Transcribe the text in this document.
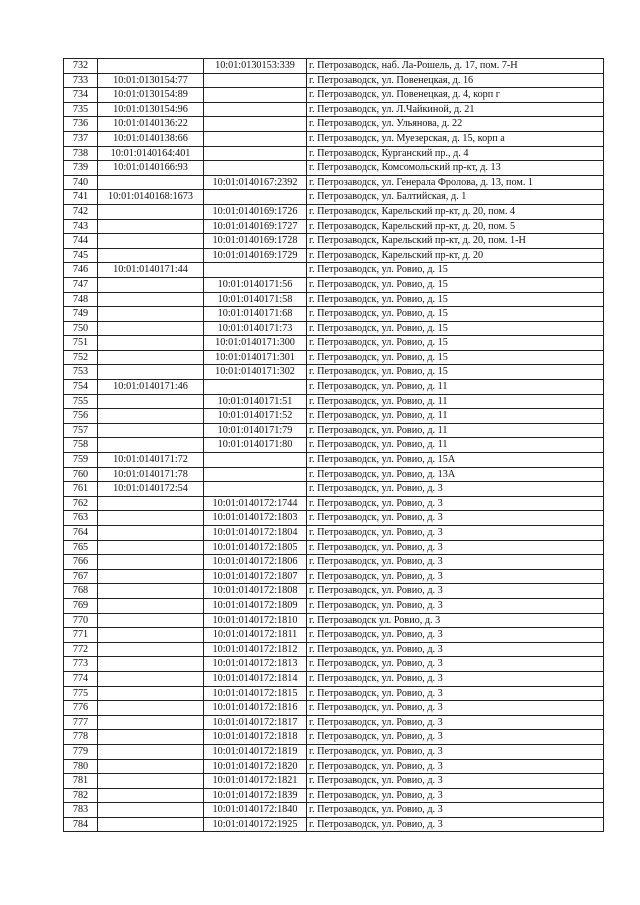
732		10:01:0130153:339	г. Петрозаводск, наб. Ла-Рошель, д. 17, пом. 7-Н
733	10:01:0130154:77		г. Петрозаводск, ул. Повенецкая, д. 16
734	10:01:0130154:89		г. Петрозаводск, ул. Повенецкая, д. 4, корп г
735	10:01:0130154:96		г. Петрозаводск, ул. Л.Чайкиной, д. 21
736	10:01:0140136:22		г. Петрозаводск, ул. Ульянова, д. 22
737	10:01:0140138:66		г. Петрозаводск, ул. Муезерская, д. 15, корп а
738	10:01:0140164:401		г. Петрозаводск, Курганский пр., д. 4
739	10:01:0140166:93		г. Петрозаводск, Комсомольский пр-кт, д. 13
740		10:01:0140167:2392	г. Петрозаводск, ул. Генерала Фролова, д. 13, пом. 1
741	10:01:0140168:1673		г. Петрозаводск, ул. Балтийская, д. 1
742		10:01:0140169:1726	г. Петрозаводск, Карельский пр-кт, д. 20, пом. 4
743		10:01:0140169:1727	г. Петрозаводск, Карельский пр-кт, д. 20, пом. 5
744		10:01:0140169:1728	г. Петрозаводск, Карельский пр-кт, д. 20, пом. 1-Н
745		10:01:0140169:1729	г. Петрозаводск, Карельский пр-кт, д. 20
746	10:01:0140171:44		г. Петрозаводск, ул. Ровио, д. 15
747		10:01:0140171:56	г. Петрозаводск, ул. Ровио, д. 15
748		10:01:0140171:58	г. Петрозаводск, ул. Ровио, д. 15
749		10:01:0140171:68	г. Петрозаводск, ул. Ровио, д. 15
750		10:01:0140171:73	г. Петрозаводск, ул. Ровио, д. 15
751		10:01:0140171:300	г. Петрозаводск, ул. Ровио, д. 15
752		10:01:0140171:301	г. Петрозаводск, ул. Ровио, д. 15
753		10:01:0140171:302	г. Петрозаводск, ул. Ровио, д. 15
754	10:01:0140171:46		г. Петрозаводск, ул. Ровио, д. 11
755		10:01:0140171:51	г. Петрозаводск, ул. Ровио, д. 11
756		10:01:0140171:52	г. Петрозаводск, ул. Ровио, д. 11
757		10:01:0140171:79	г. Петрозаводск, ул. Ровио, д. 11
758		10:01:0140171:80	г. Петрозаводск, ул. Ровио, д. 11
759	10:01:0140171:72		г. Петрозаводск, ул. Ровио, д. 15А
760	10:01:0140171:78		г. Петрозаводск, ул. Ровио, д. 13А
761	10:01:0140172:54		г. Петрозаводск, ул. Ровио, д. 3
762		10:01:0140172:1744	г. Петрозаводск, ул. Ровио, д. 3
763		10:01:0140172:1803	г. Петрозаводск, ул. Ровио, д. 3
764		10:01:0140172:1804	г. Петрозаводск, ул. Ровио, д. 3
765		10:01:0140172:1805	г. Петрозаводск, ул. Ровио, д. 3
766		10:01:0140172:1806	г. Петрозаводск, ул. Ровио, д. 3
767		10:01:0140172:1807	г. Петрозаводск, ул. Ровио, д. 3
768		10:01:0140172:1808	г. Петрозаводск, ул. Ровио, д. 3
769		10:01:0140172:1809	г. Петрозаводск, ул. Ровио, д. 3
770		10:01:0140172:1810	г. Петрозаводск ул. Ровио, д. 3
771		10:01:0140172:1811	г. Петрозаводск, ул. Ровио, д. 3
772		10:01:0140172:1812	г. Петрозаводск, ул. Ровио, д. 3
773		10:01:0140172:1813	г. Петрозаводск, ул. Ровио, д. 3
774		10:01:0140172:1814	г. Петрозаводск, ул. Ровио, д. 3
775		10:01:0140172:1815	г. Петрозаводск, ул. Ровио, д. 3
776		10:01:0140172:1816	г. Петрозаводск, ул. Ровио, д. 3
777		10:01:0140172:1817	г. Петрозаводск, ул. Ровио, д. 3
778		10:01:0140172:1818	г. Петрозаводск, ул. Ровио, д. 3
779		10:01:0140172:1819	г. Петрозаводск, ул. Ровио, д. 3
780		10:01:0140172:1820	г. Петрозаводск, ул. Ровио, д. 3
781		10:01:0140172:1821	г. Петрозаводск, ул. Ровио, д. 3
782		10:01:0140172:1839	г. Петрозаводск, ул. Ровио, д. 3
783		10:01:0140172:1840	г. Петрозаводск, ул. Ровио, д. 3
784		10:01:0140172:1925	г. Петрозаводск, ул. Ровио, д. 3
